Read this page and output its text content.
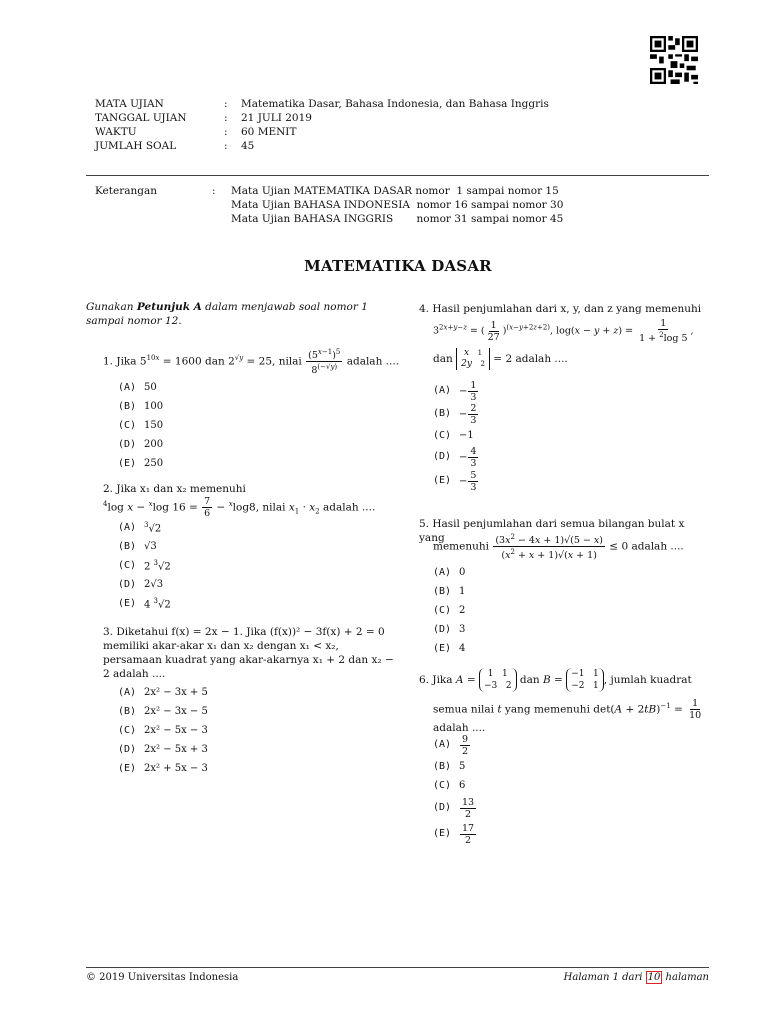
MATA UJIAN	: Matematika Dasar, Bahasa Indonesia, dan Bahasa Inggris
TANGGAL UJIAN	: 21 JULI 2019
WAKTU	: 60 MENIT
JUMLAH SOAL	: 45
Keterangan	: Mata Ujian MATEMATIKA DASAR nomor  1 sampai nomor 15
Mata Ujian BAHASA INDONESIA  nomor 16 sampai nomor 30
Mata Ujian BAHASA INGGRIS       nomor 31 sampai nomor 45
MATEMATIKA DASAR
Gunakan Petunjuk A dalam menjawab soal nomor 1 sampai nomor 12.
1. Jika $5^{10x} = 1600$ dan $2^{√y} = 25$, nilai $\frac{(5^{x-1})^5}{8^{(-√y)}}$ adalah ....
(A) 50
(B) 100
(C) 150
(D) 200
(E) 250
2. Jika x₁ dan x₂ memenuhi
$^4$log x − $^x$log $16 = \frac{7}{6} - ^x\log 8$, nilai $x_1 \cdot x_2$ adalah ....
(A)	$^3$√2
(B) √3
(C) 2 $^3$√2
(D) 2√3
(E) 4 $^3$√2
3. Diketahui f(x) = 2x − 1. Jika (f(x))² − 3f(x) + 2 = 0 memiliki akar-akar x₁ dan x₂ dengan x₁ < x₂, persamaan kuadrat yang akar-akarnya x₁ + 2 dan x₂ − 2 adalah ....
(A) 2x² − 3x + 5
(B) 2x² − 3x − 5
(C) 2x² − 5x − 3
(D) 2x² − 5x + 3
(E) 2x² + 5x − 3
4. Hasil penjumlahan dari x, y, dan z yang memenuhi
$3^{2x+y-z}$ = ( $\frac{1}{27} )^{(x-y+2z+2)}$, $\log(x - y + z) = \frac{1}{1 + ^2\log 5}$ ,
dan x 1
2y 2 = 2 adalah ....
$(A) - \frac{1}{3}$
$(B) - \frac{2}{3}$
(C) −1
$(D) - \frac{4}{3}$
$(E) - \frac{5}{3}$
5. Hasil penjumlahan dari semua bilangan bulat x yang
memenuhi $\frac{(3x^2 - 4x + 1)√(5 - x)}{(x^2 + x + 1)√(x + 1)} \le 0$ adalah ....
(A) 0
(B) 1
(C) 2
(D) 3
(E) 4
6. Jika A = 1   1
−3   2 dan B = −1   1
−2   1 , jumlah kuadrat
semua nilai t yang memenuhi $\det(A + 2tB)^{-1} = \frac{1}{10}$

adalah ....
$(A) \frac{9}{2}$
(B) 5
(C) 6
$(D) \frac{13}{2}$
$(E) \frac{17}{2}$
© 2019 Universitas Indonesia	Halaman 1 dari 10 halaman
